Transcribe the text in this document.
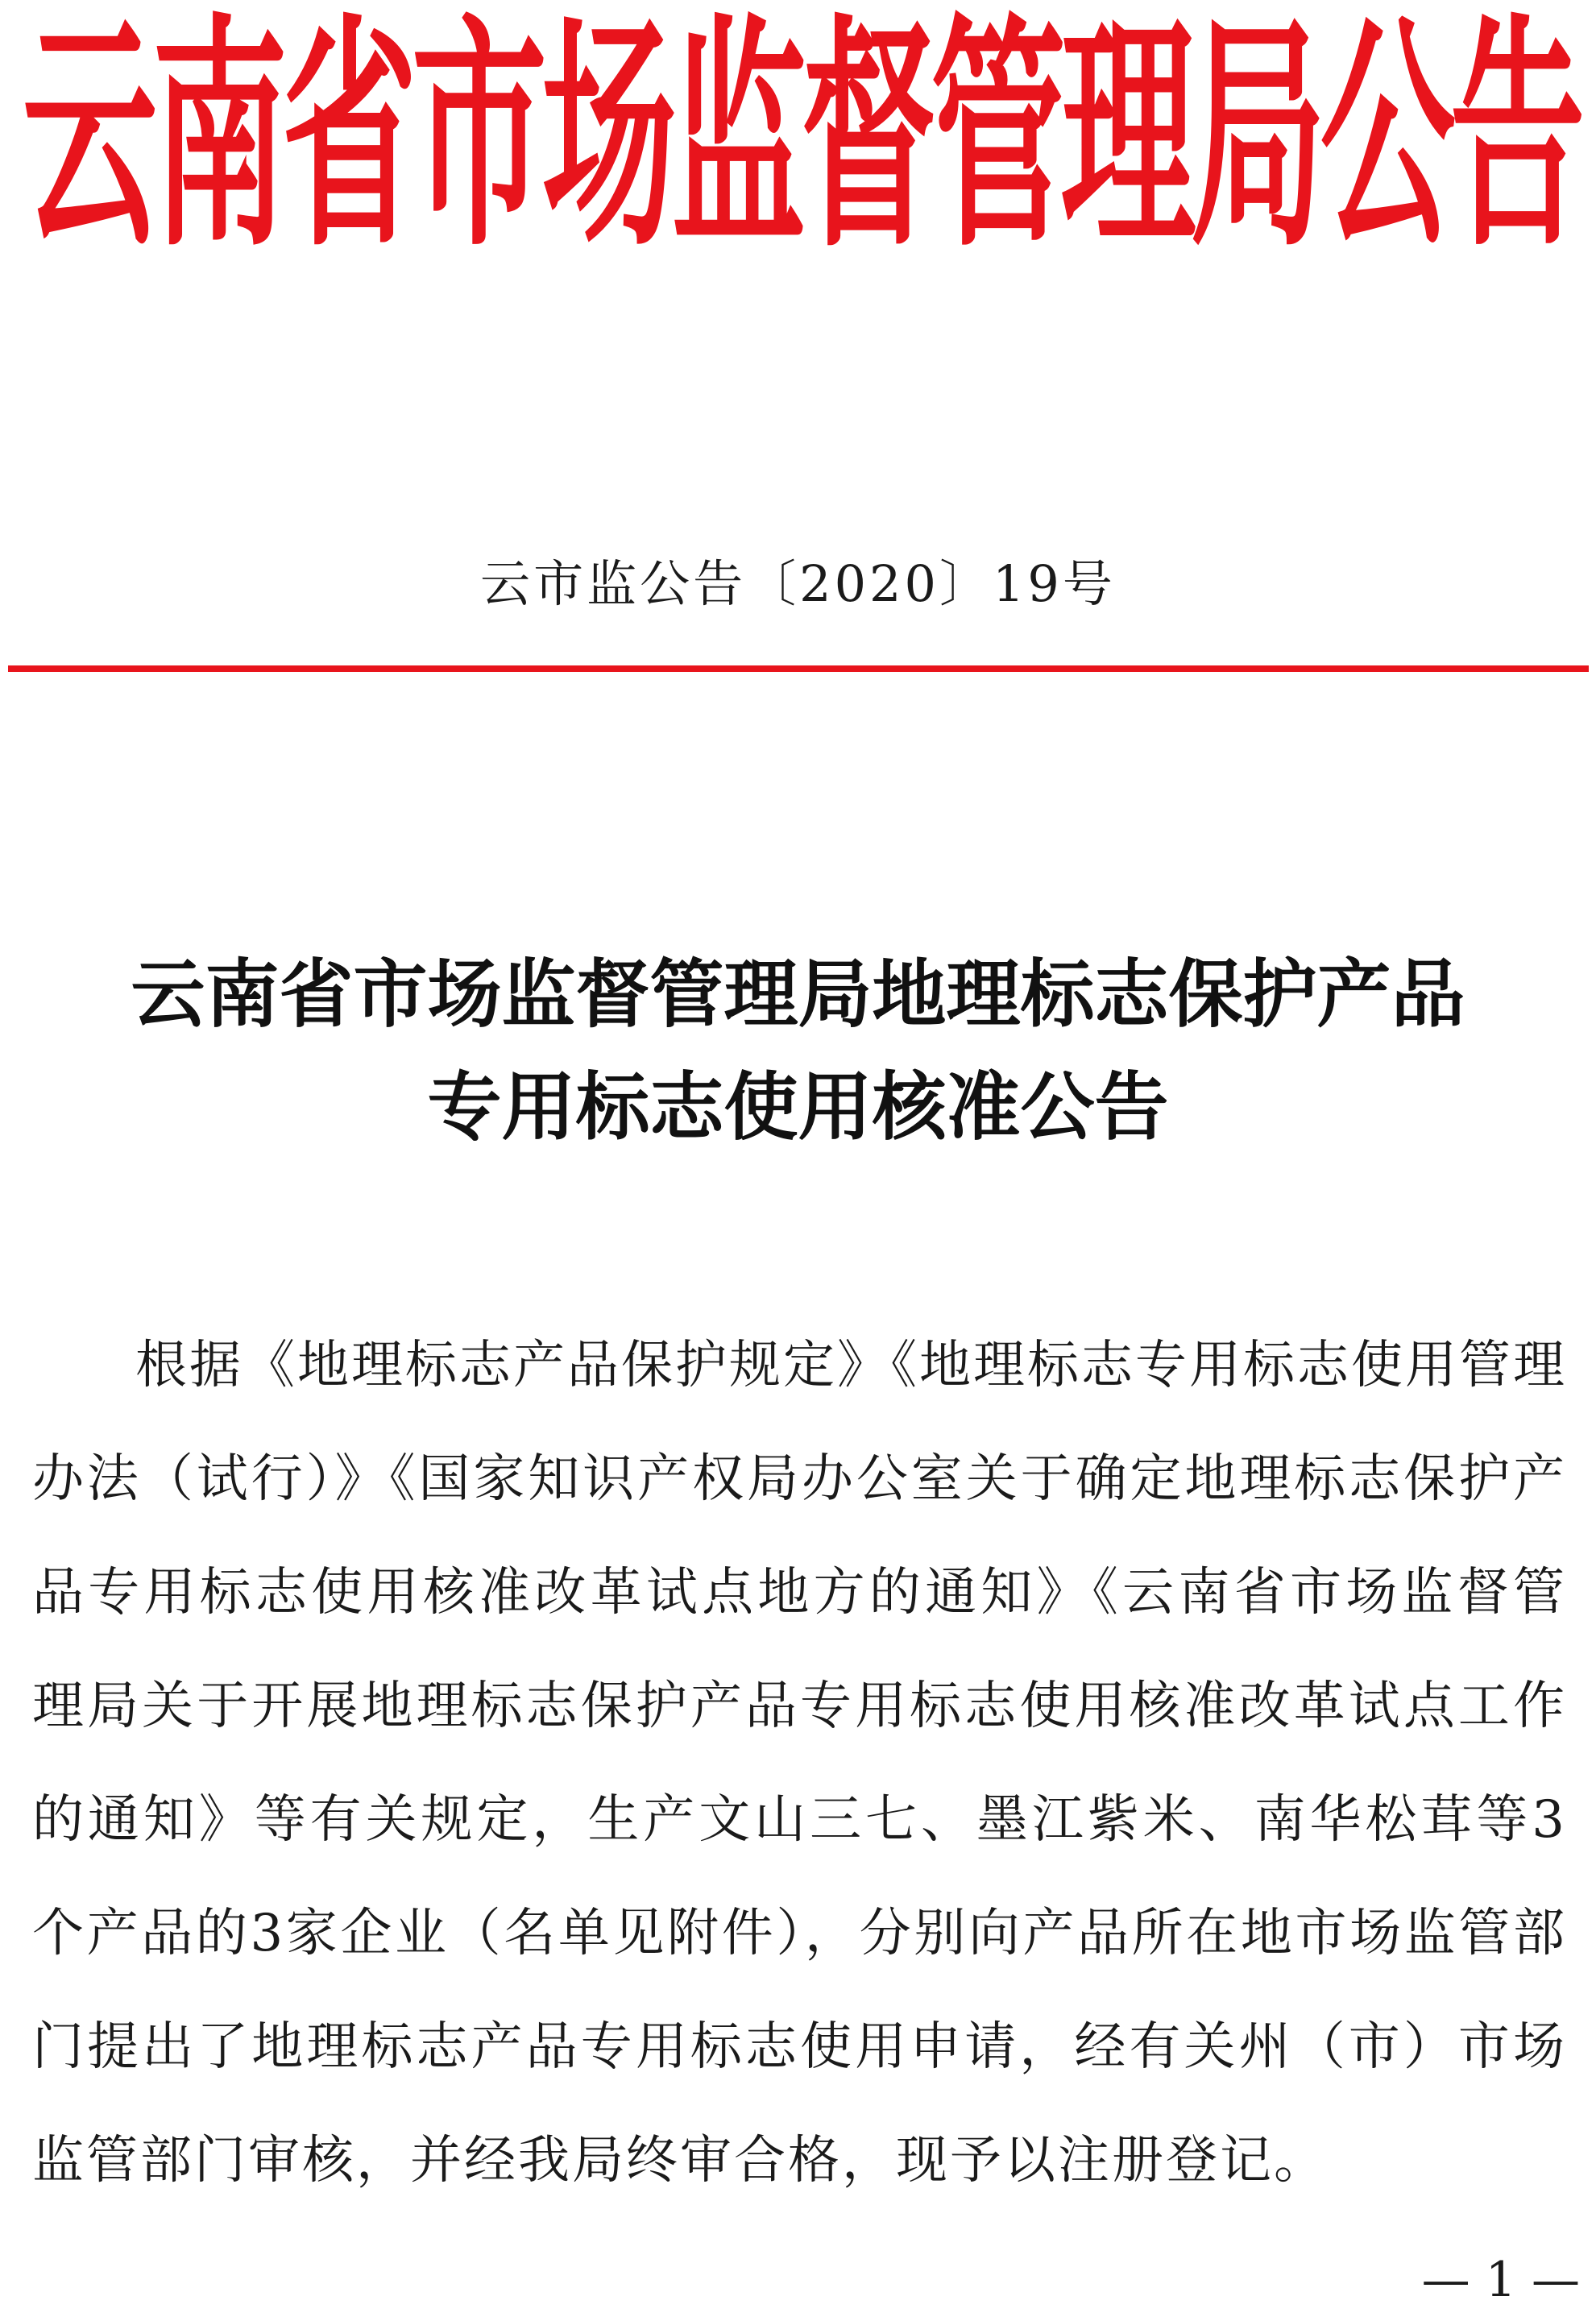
云南省市场监督管理局公告
云市监公告〔2020〕19号
云南省市场监督管理局地理标志保护产品
专用标志使用核准公告
根据《地理标志产品保护规定》《地理标志专用标志使用管理办法（试行）》《国家知识产权局办公室关于确定地理标志保护产品专用标志使用核准改革试点地方的通知》《云南省市场监督管理局关于开展地理标志保护产品专用标志使用核准改革试点工作的通知》等有关规定，生产文山三七、墨江紫米、南华松茸等3个产品的3家企业（名单见附件），分别向产品所在地市场监管部门提出了地理标志产品专用标志使用申请，经有关州（市）市场监管部门审核，并经我局终审合格，现予以注册登记。
— 1 —
